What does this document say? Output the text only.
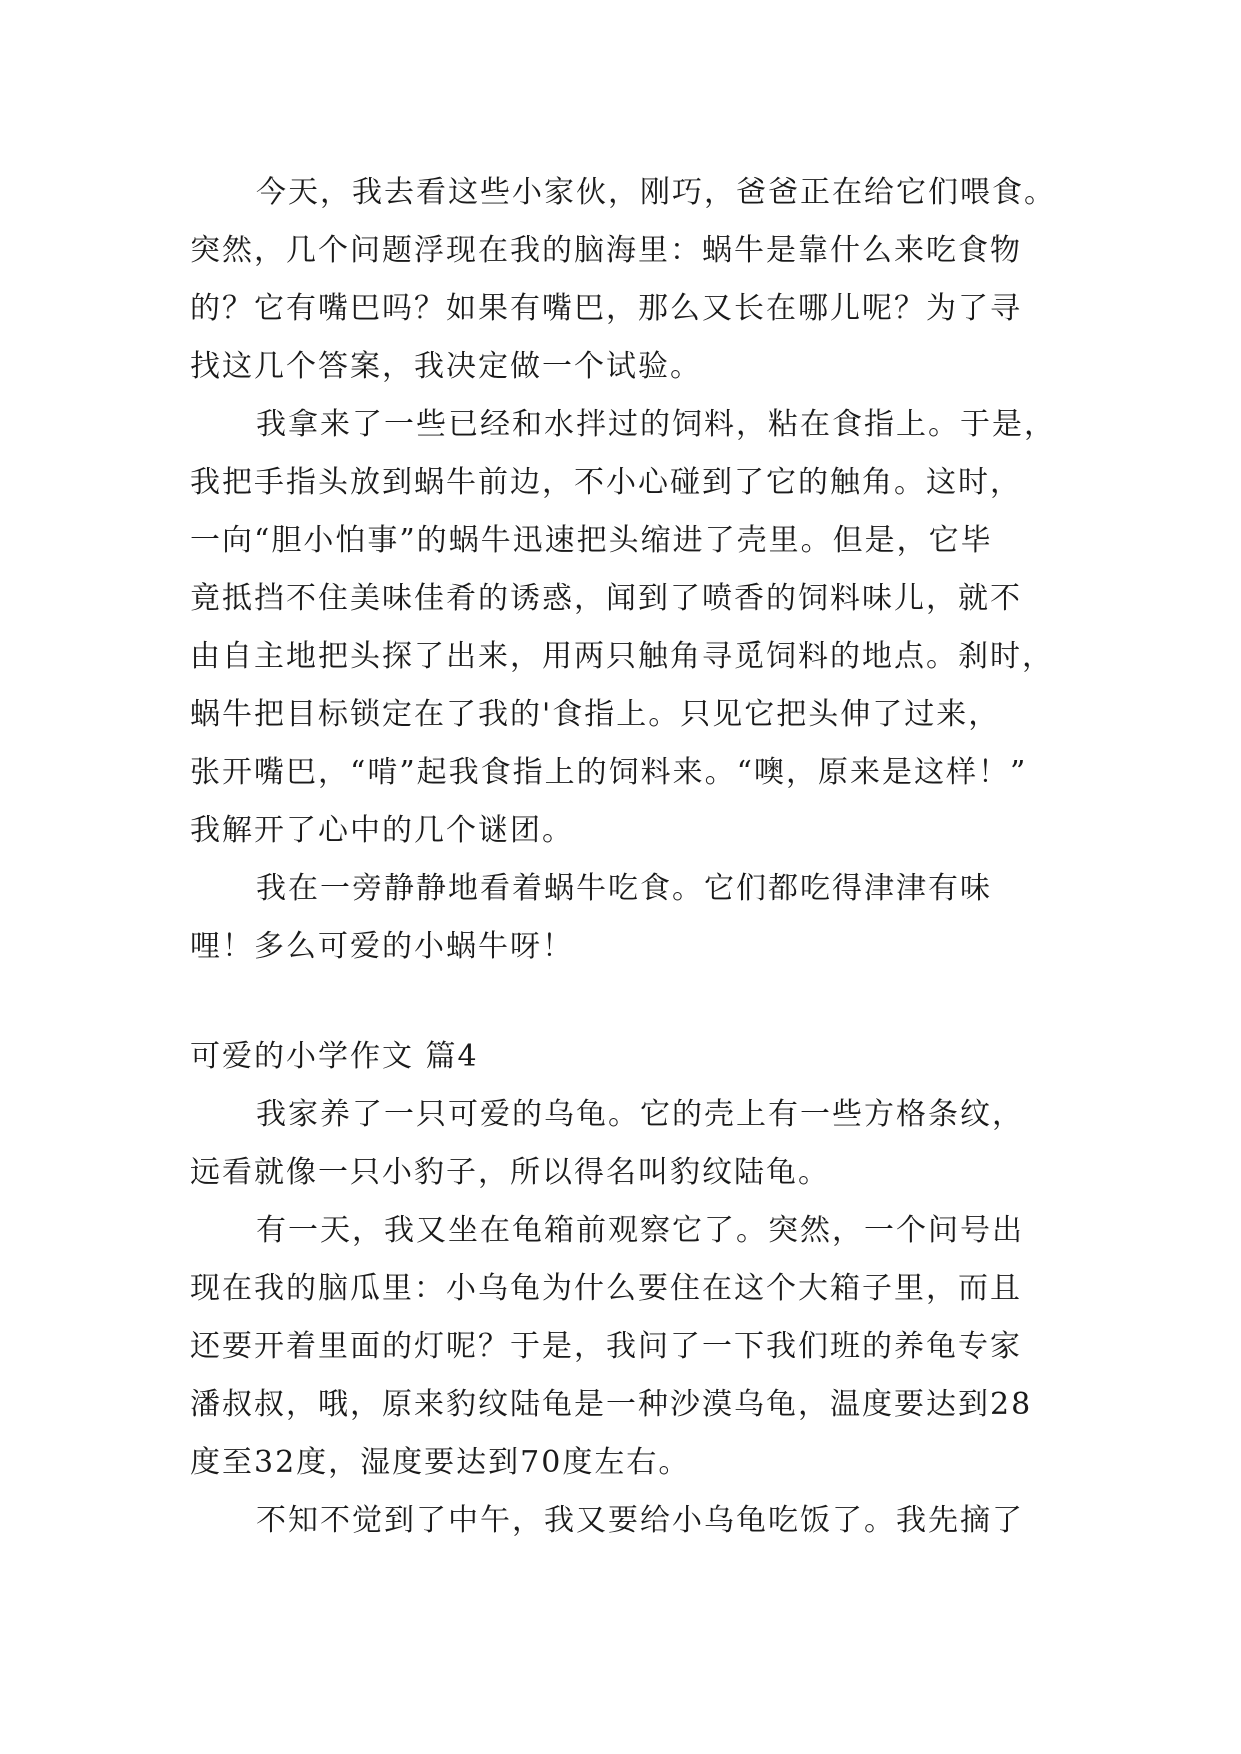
今天，我去看这些小家伙，刚巧，爸爸正在给它们喂食。
突然，几个问题浮现在我的脑海里：蜗牛是靠什么来吃食物
的？它有嘴巴吗？如果有嘴巴，那么又长在哪儿呢？为了寻
找这几个答案，我决定做一个试验。
我拿来了一些已经和水拌过的饲料，粘在食指上。于是，
我把手指头放到蜗牛前边，不小心碰到了它的触角。这时，
一向“胆小怕事”的蜗牛迅速把头缩进了壳里。但是，它毕
竟抵挡不住美味佳肴的诱惑，闻到了喷香的饲料味儿，就不
由自主地把头探了出来，用两只触角寻觅饲料的地点。刹时，
蜗牛把目标锁定在了我的'食指上。只见它把头伸了过来，
张开嘴巴，“啃”起我食指上的饲料来。“噢，原来是这样！”
我解开了心中的几个谜团。
我在一旁静静地看着蜗牛吃食。它们都吃得津津有味
哩！多么可爱的小蜗牛呀！
可爱的小学作文 篇4
我家养了一只可爱的乌龟。它的壳上有一些方格条纹，
远看就像一只小豹子，所以得名叫豹纹陆龟。
有一天，我又坐在龟箱前观察它了。突然，一个问号出
现在我的脑瓜里：小乌龟为什么要住在这个大箱子里，而且
还要开着里面的灯呢？于是，我问了一下我们班的养龟专家
潘叔叔，哦，原来豹纹陆龟是一种沙漠乌龟，温度要达到28
度至32度，湿度要达到70度左右。
不知不觉到了中午，我又要给小乌龟吃饭了。我先摘了
